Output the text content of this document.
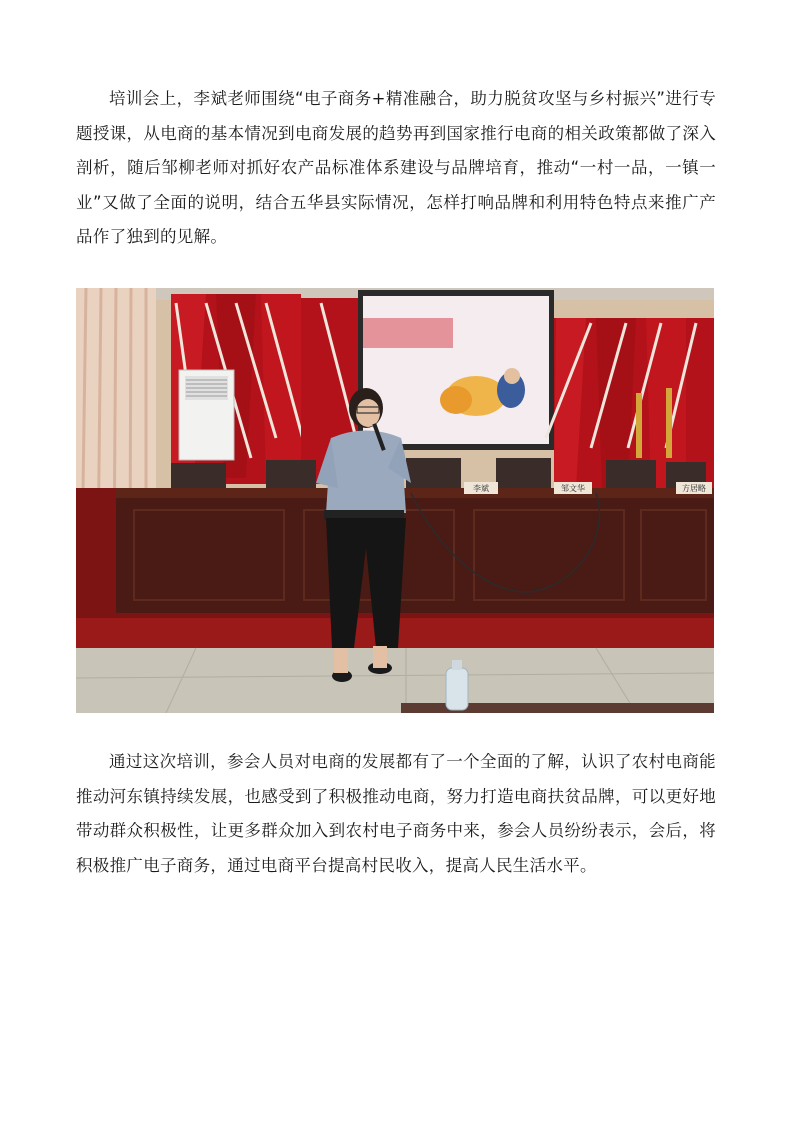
培训会上，李斌老师围绕“电子商务+精准融合，助力脱贫攻坚与乡村振兴”进行专题授课，从电商的基本情况到电商发展的趋势再到国家推行电商的相关政策都做了深入剖析，随后邹柳老师对抓好农产品标准体系建设与品牌培育，推动“一村一品，一镇一业”又做了全面的说明，结合五华县实际情况，怎样打响品牌和利用特色特点来推广产品作了独到的见解。

李斌	邹文华	方居略

通过这次培训，参会人员对电商的发展都有了一个全面的了解，认识了农村电商能推动河东镇持续发展，也感受到了积极推动电商，努力打造电商扶贫品牌，可以更好地带动群众积极性，让更多群众加入到农村电子商务中来，参会人员纷纷表示，会后，将积极推广电子商务，通过电商平台提高村民收入，提高人民生活水平。
